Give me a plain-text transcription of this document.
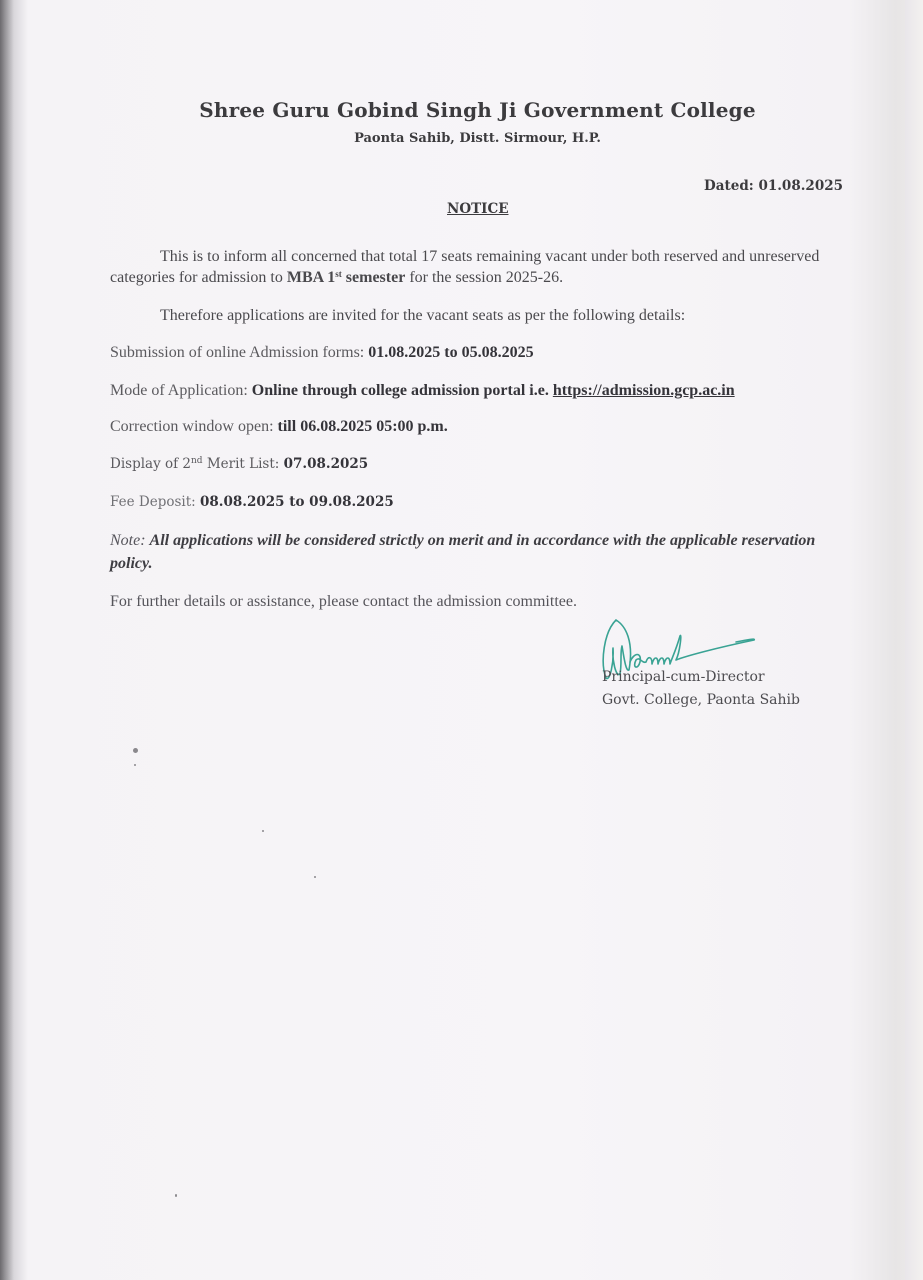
Shree Guru Gobind Singh Ji Government College
Paonta Sahib, Distt. Sirmour, H.P.
Dated: 01.08.2025
NOTICE
This is to inform all concerned that total 17 seats remaining vacant under both reserved and unreserved categories for admission to MBA 1st semester for the session 2025-26.
Therefore applications are invited for the vacant seats as per the following details:
Submission of online Admission forms: 01.08.2025 to 05.08.2025
Mode of Application: Online through college admission portal i.e. https://admission.gcp.ac.in
Correction window open: till 06.08.2025 05:00 p.m.
Display of 2nd Merit List: 07.08.2025
Fee Deposit: 08.08.2025 to 09.08.2025
Note: All applications will be considered strictly on merit and in accordance with the applicable reservation policy.
For further details or assistance, please contact the admission committee.
Principal-cum-Director
Govt. College, Paonta Sahib
